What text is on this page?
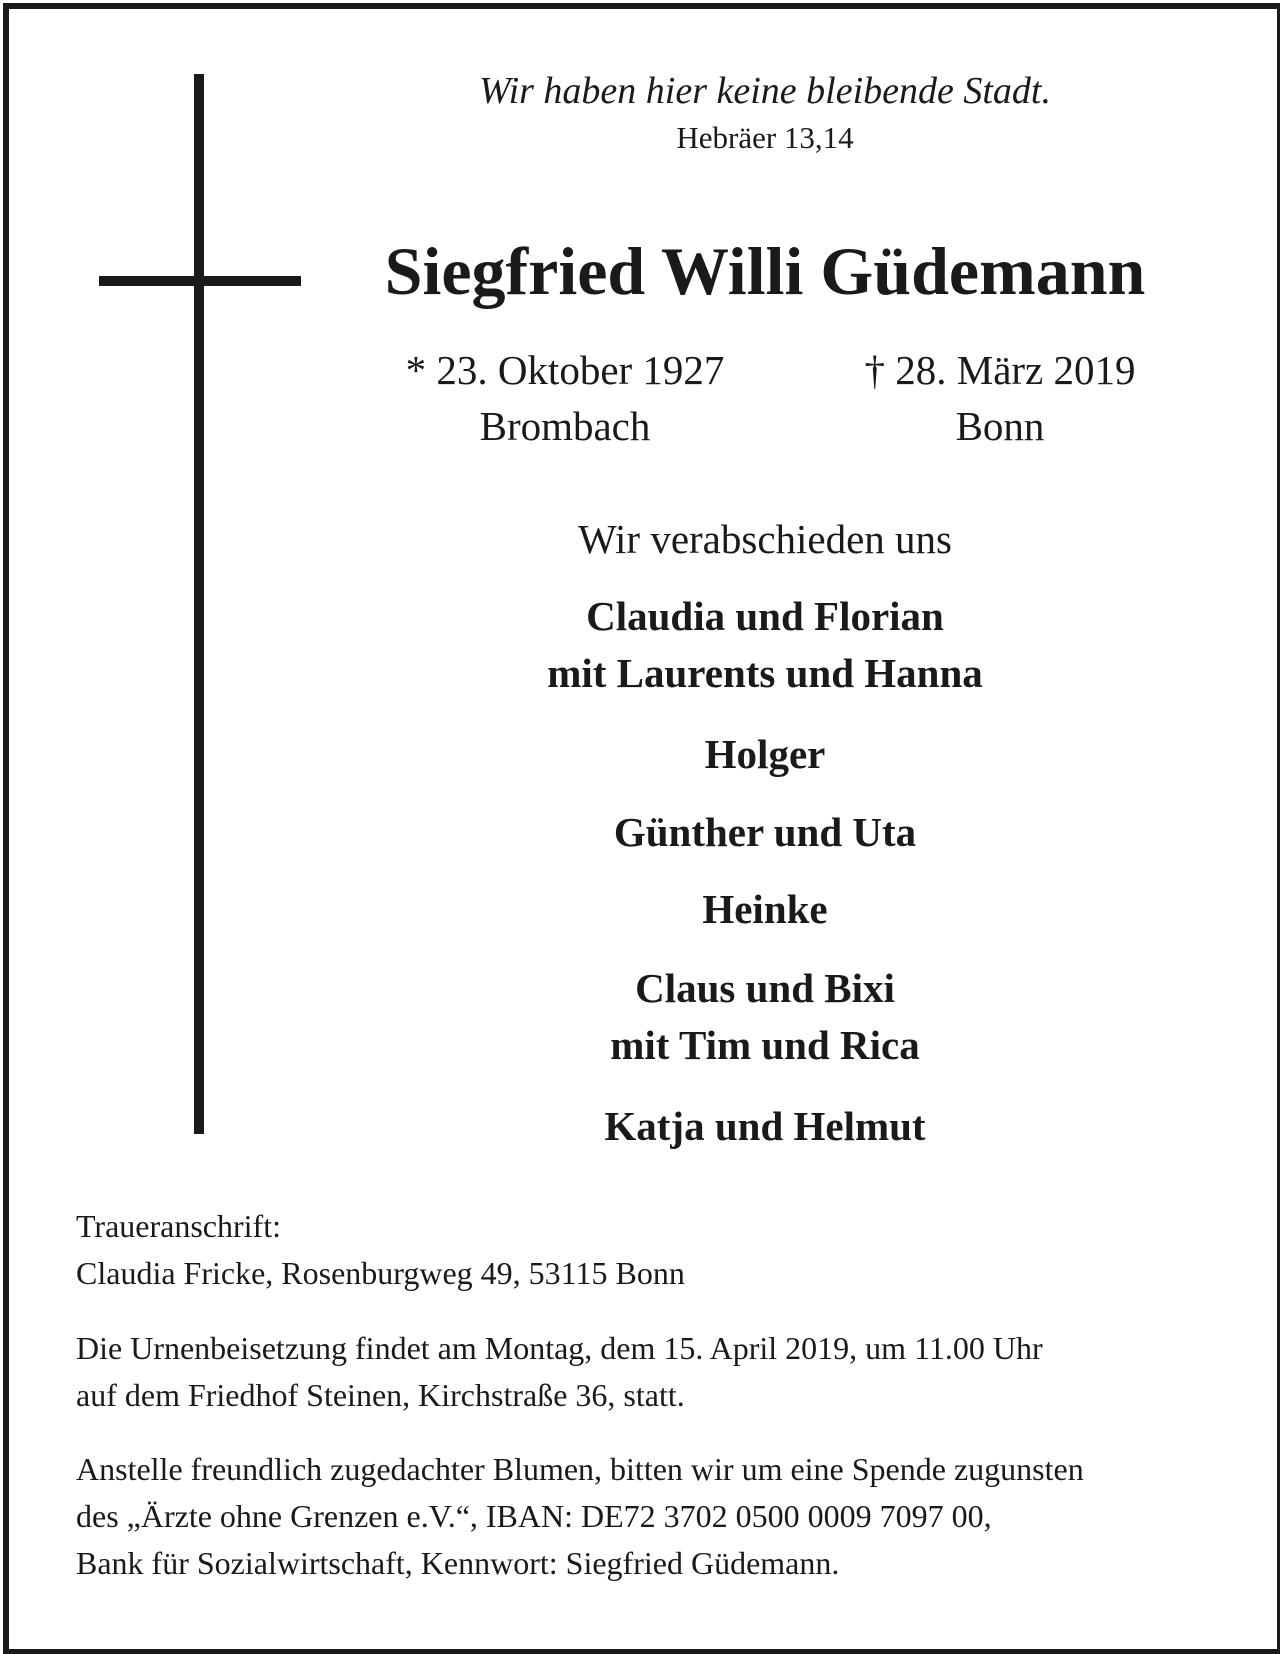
Wir haben hier keine bleibende Stadt.
Hebräer 13,14
Siegfried Willi Güdemann
* 23. Oktober 1927
Brombach
† 28. März 2019
Bonn
Wir verabschieden uns
Claudia und Florian
mit Laurents und Hanna
Holger
Günther und Uta
Heinke
Claus und Bixi
mit Tim und Rica
Katja und Helmut
Traueranschrift:
Claudia Fricke, Rosenburgweg 49, 53115 Bonn
Die Urnenbeisetzung findet am Montag, dem 15. April 2019, um 11.00 Uhr
auf dem Friedhof Steinen, Kirchstraße 36, statt.
Anstelle freundlich zugedachter Blumen, bitten wir um eine Spende zugunsten
des „Ärzte ohne Grenzen e.V.“, IBAN: DE72 3702 0500 0009 7097 00,
Bank für Sozialwirtschaft, Kennwort: Siegfried Güdemann.
